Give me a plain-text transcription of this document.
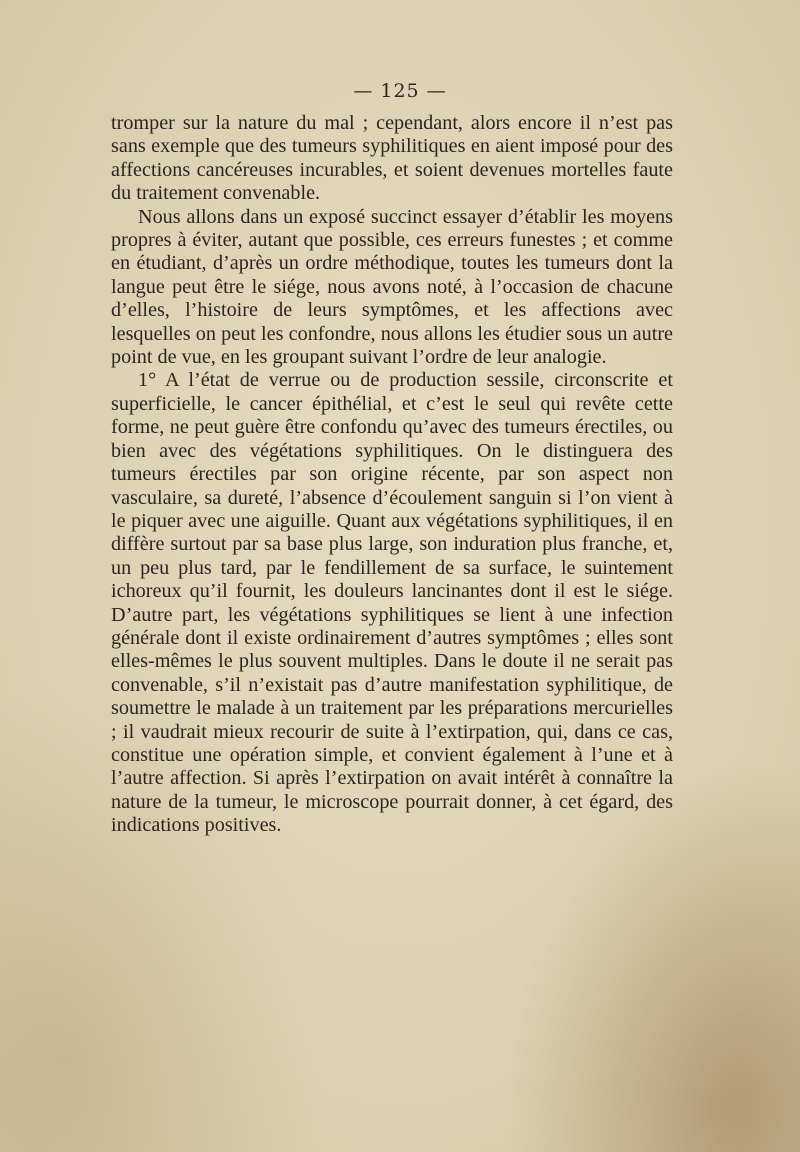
— 125 —

tromper sur la nature du mal ; cependant, alors encore il n’est pas sans exemple que des tumeurs syphilitiques en aient imposé pour des affections cancéreuses incurables, et soient devenues mortelles faute du traitement convenable.

Nous allons dans un exposé succinct essayer d’établir les moyens propres à éviter, autant que possible, ces erreurs funestes ; et comme en étudiant, d’après un ordre méthodique, toutes les tumeurs dont la langue peut être le siége, nous avons noté, à l’occasion de chacune d’elles, l’histoire de leurs symptômes, et les affections avec lesquelles on peut les confondre, nous allons les étudier sous un autre point de vue, en les groupant suivant l’ordre de leur analogie.

1° A l’état de verrue ou de production sessile, circonscrite et superficielle, le cancer épithélial, et c’est le seul qui revête cette forme, ne peut guère être confondu qu’avec des tumeurs érectiles, ou bien avec des végétations syphilitiques. On le distinguera des tumeurs érectiles par son origine récente, par son aspect non vasculaire, sa dureté, l’absence d’écoulement sanguin si l’on vient à le piquer avec une aiguille. Quant aux végétations syphilitiques, il en diffère surtout par sa base plus large, son induration plus franche, et, un peu plus tard, par le fendillement de sa surface, le suintement ichoreux qu’il fournit, les douleurs lancinantes dont il est le siége. D’autre part, les végétations syphilitiques se lient à une infection générale dont il existe ordinairement d’autres symptômes ; elles sont elles-mêmes le plus souvent multiples. Dans le doute il ne serait pas convenable, s’il n’existait pas d’autre manifestation syphilitique, de soumettre le malade à un traitement par les préparations mercurielles ; il vaudrait mieux recourir de suite à l’extirpation, qui, dans ce cas, constitue une opération simple, et convient également à l’une et à l’autre affection. Si après l’extirpation on avait intérêt à connaître la nature de la tumeur, le microscope pourrait donner, à cet égard, des indications positives.
